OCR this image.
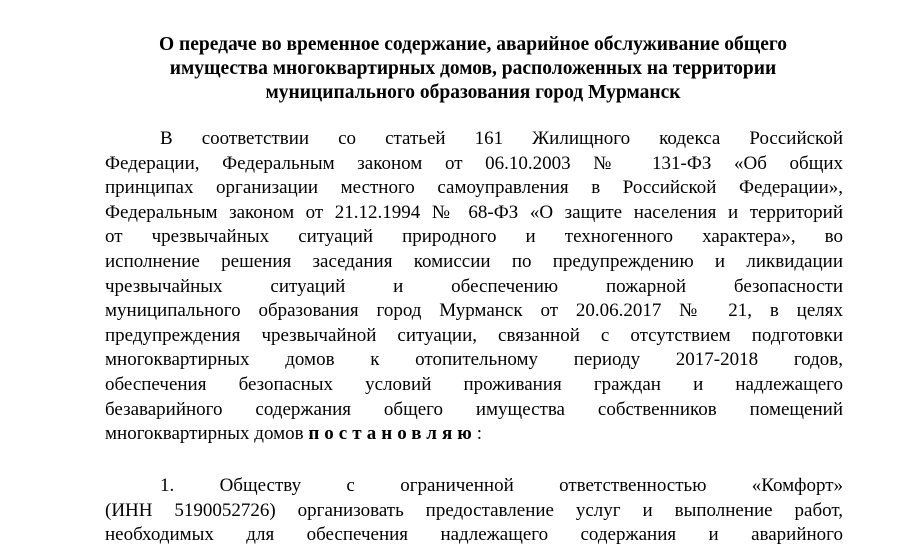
О передаче во временное содержание, аварийное обслуживание общего
имущества многоквартирных домов, расположенных на территории
муниципального образования город Мурманск
В соответствии со статьей 161 Жилищного кодекса Российской
Федерации, Федеральным законом от 06.10.2003 № 131-ФЗ «Об общих
принципах организации местного самоуправления в Российской Федерации»,
Федеральным законом от 21.12.1994 № 68-ФЗ «О защите населения и территорий
от чрезвычайных ситуаций природного и техногенного характера», во
исполнение решения заседания комиссии по предупреждению и ликвидации
чрезвычайных ситуаций и обеспечению пожарной безопасности
муниципального образования город Мурманск от 20.06.2017 № 21, в целях
предупреждения чрезвычайной ситуации, связанной с отсутствием подготовки
многоквартирных домов к отопительному периоду 2017-2018 годов,
обеспечения безопасных условий проживания граждан и надлежащего
безаварийного содержания общего имущества собственников помещений
многоквартирных домов постановляю:
1. Обществу с ограниченной ответственностью «Комфорт»
(ИНН 5190052726) организовать предоставление услуг и выполнение работ,
необходимых для обеспечения надлежащего содержания и аварийного
